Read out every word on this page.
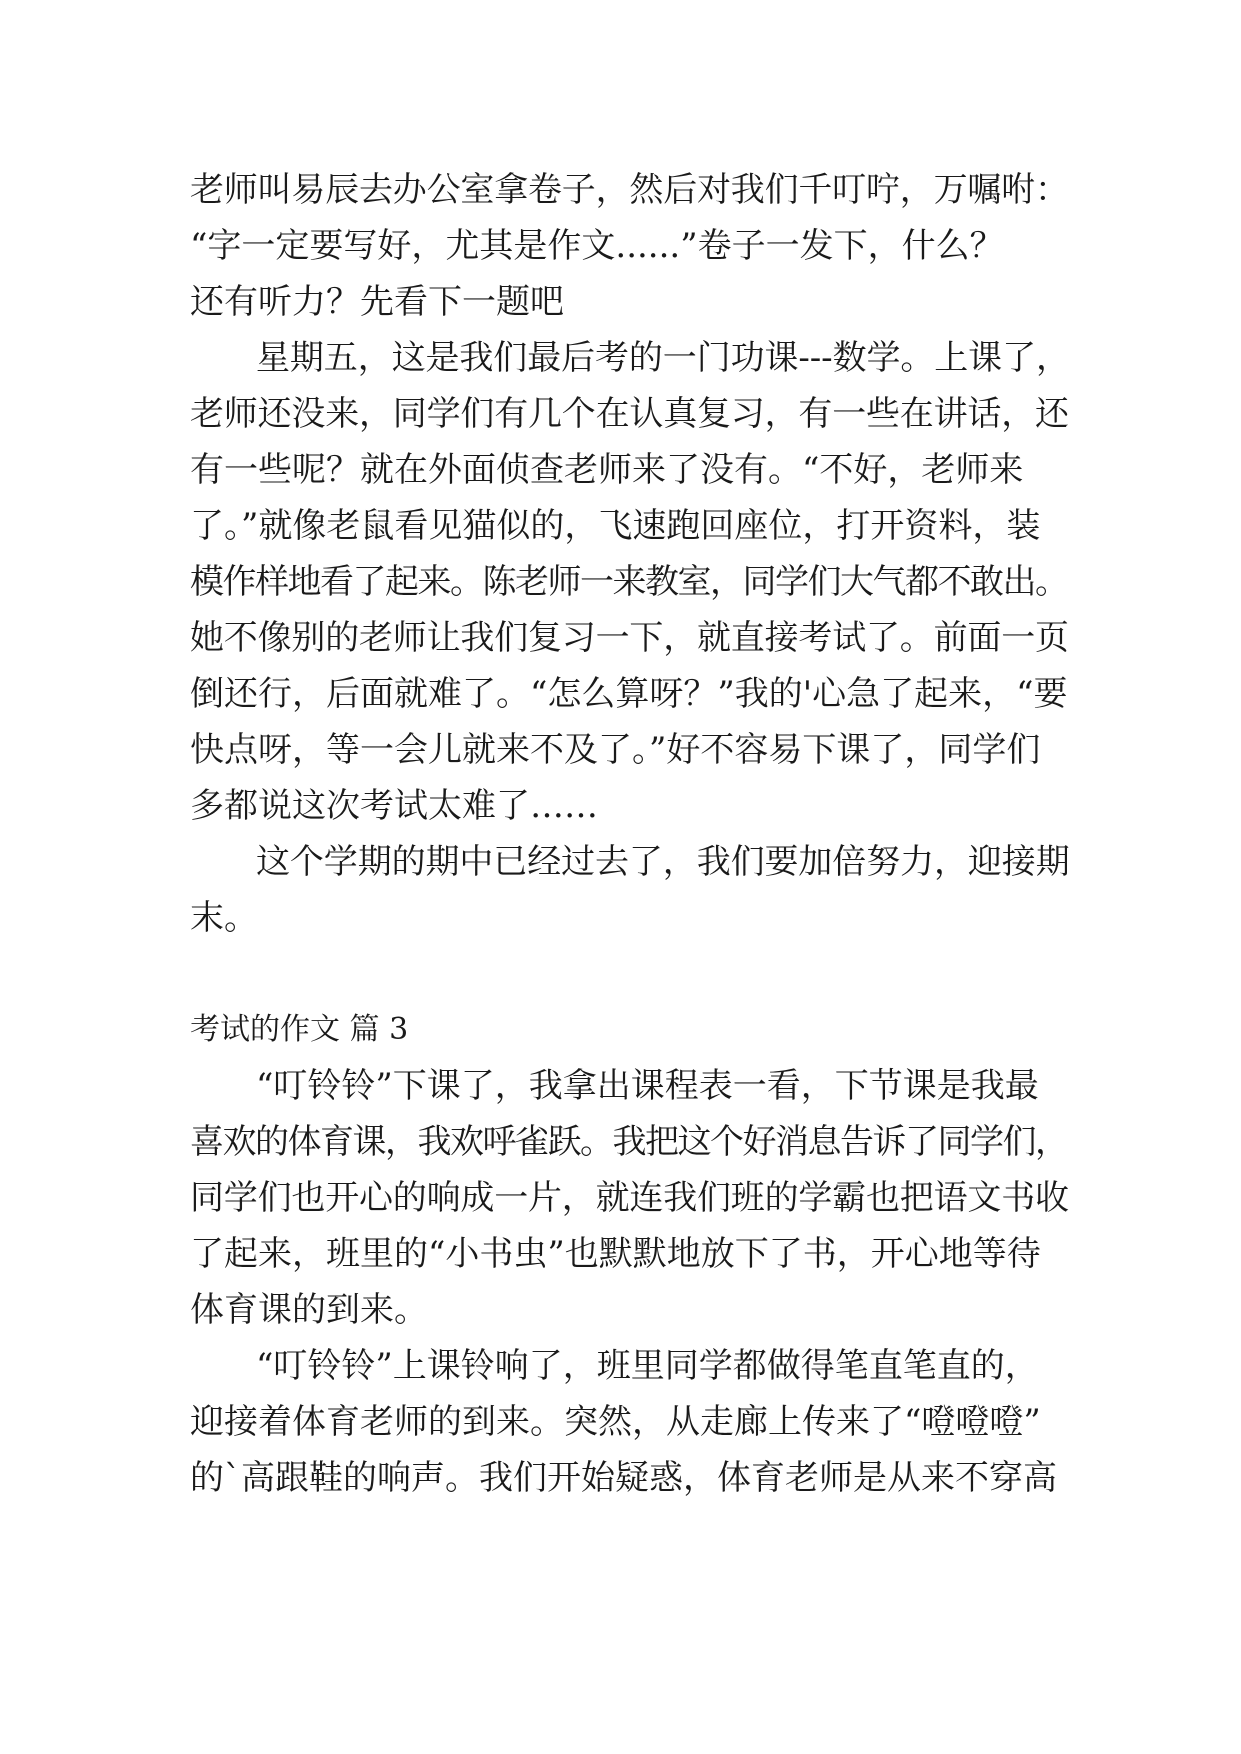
老师叫易辰去办公室拿卷子，然后对我们千叮咛，万嘱咐：

“字一定要写好，尤其是作文......”卷子一发下，什么？

还有听力？先看下一题吧

星期五，这是我们最后考的一门功课---数学。上课了，

老师还没来，同学们有几个在认真复习，有一些在讲话，还

有一些呢？就在外面侦查老师来了没有。“不好，老师来

了。”就像老鼠看见猫似的，飞速跑回座位，打开资料，装

模作样地看了起来。陈老师一来教室，同学们大气都不敢出。

她不像别的老师让我们复习一下，就直接考试了。前面一页

倒还行，后面就难了。“怎么算呀？”我的'心急了起来，“要

快点呀，等一会儿就来不及了。”好不容易下课了，同学们

多都说这次考试太难了……

这个学期的期中已经过去了，我们要加倍努力，迎接期

末。

考试的作文 篇 3

“叮铃铃”下课了，我拿出课程表一看，下节课是我最

喜欢的体育课，我欢呼雀跃。我把这个好消息告诉了同学们，

同学们也开心的响成一片，就连我们班的学霸也把语文书收

了起来，班里的“小书虫”也默默地放下了书，开心地等待

体育课的到来。

“叮铃铃”上课铃响了，班里同学都做得笔直笔直的，

迎接着体育老师的到来。突然，从走廊上传来了“噔噔噔”

的`高跟鞋的响声。我们开始疑惑，体育老师是从来不穿高
